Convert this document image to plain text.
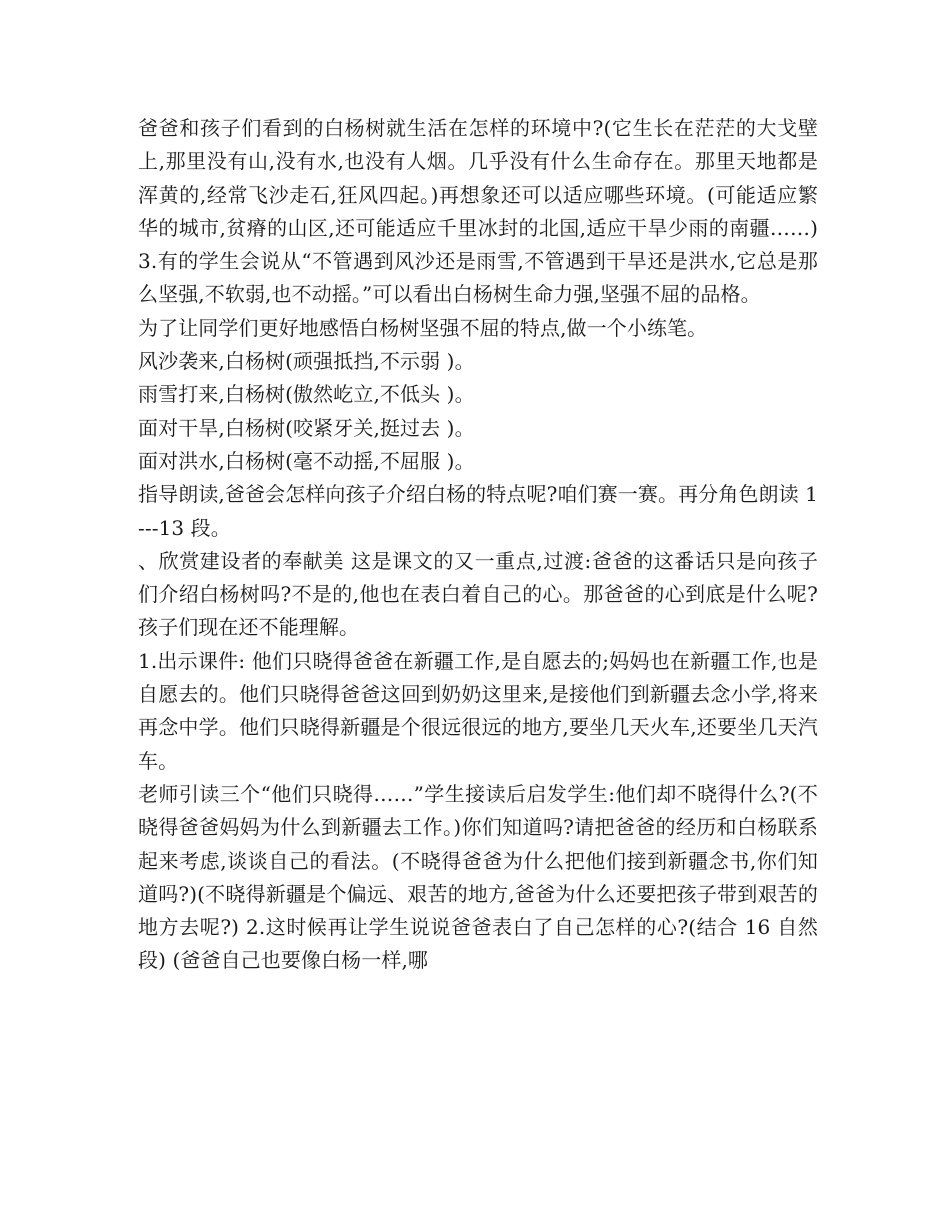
爸爸和孩子们看到的白杨树就生活在怎样的环境中?(它生长在茫茫的大戈壁上,那里没有山,没有水,也没有人烟。几乎没有什么生命存在。那里天地都是浑黄的,经常飞沙走石,狂风四起。)再想象还可以适应哪些环境。(可能适应繁华的城市,贫瘠的山区,还可能适应千里冰封的北国,适应干旱少雨的南疆……) 3.有的学生会说从“不管遇到风沙还是雨雪,不管遇到干旱还是洪水,它总是那么坚强,不软弱,也不动摇。”可以看出白杨树生命力强,坚强不屈的品格。

为了让同学们更好地感悟白杨树坚强不屈的特点,做一个小练笔。

风沙袭来,白杨树(顽强抵挡,不示弱 )。

雨雪打来,白杨树(傲然屹立,不低头 )。

面对干旱,白杨树(咬紧牙关,挺过去 )。

面对洪水,白杨树(毫不动摇,不屈服 )。

指导朗读,爸爸会怎样向孩子介绍白杨的特点呢?咱们赛一赛。再分角色朗读 1---13 段。

、欣赏建设者的奉献美 这是课文的又一重点,过渡:爸爸的这番话只是向孩子们介绍白杨树吗?不是的,他也在表白着自己的心。那爸爸的心到底是什么呢?孩子们现在还不能理解。

1.出示课件: 他们只晓得爸爸在新疆工作,是自愿去的;妈妈也在新疆工作,也是自愿去的。他们只晓得爸爸这回到奶奶这里来,是接他们到新疆去念小学,将来再念中学。他们只晓得新疆是个很远很远的地方,要坐几天火车,还要坐几天汽车。

老师引读三个“他们只晓得……”学生接读后启发学生:他们却不晓得什么?(不晓得爸爸妈妈为什么到新疆去工作。)你们知道吗?请把爸爸的经历和白杨联系起来考虑,谈谈自己的看法。(不晓得爸爸为什么把他们接到新疆念书,你们知道吗?)(不晓得新疆是个偏远、艰苦的地方,爸爸为什么还要把孩子带到艰苦的地方去呢?) 2.这时候再让学生说说爸爸表白了自己怎样的心?(结合 16 自然段) (爸爸自己也要像白杨一样,哪
